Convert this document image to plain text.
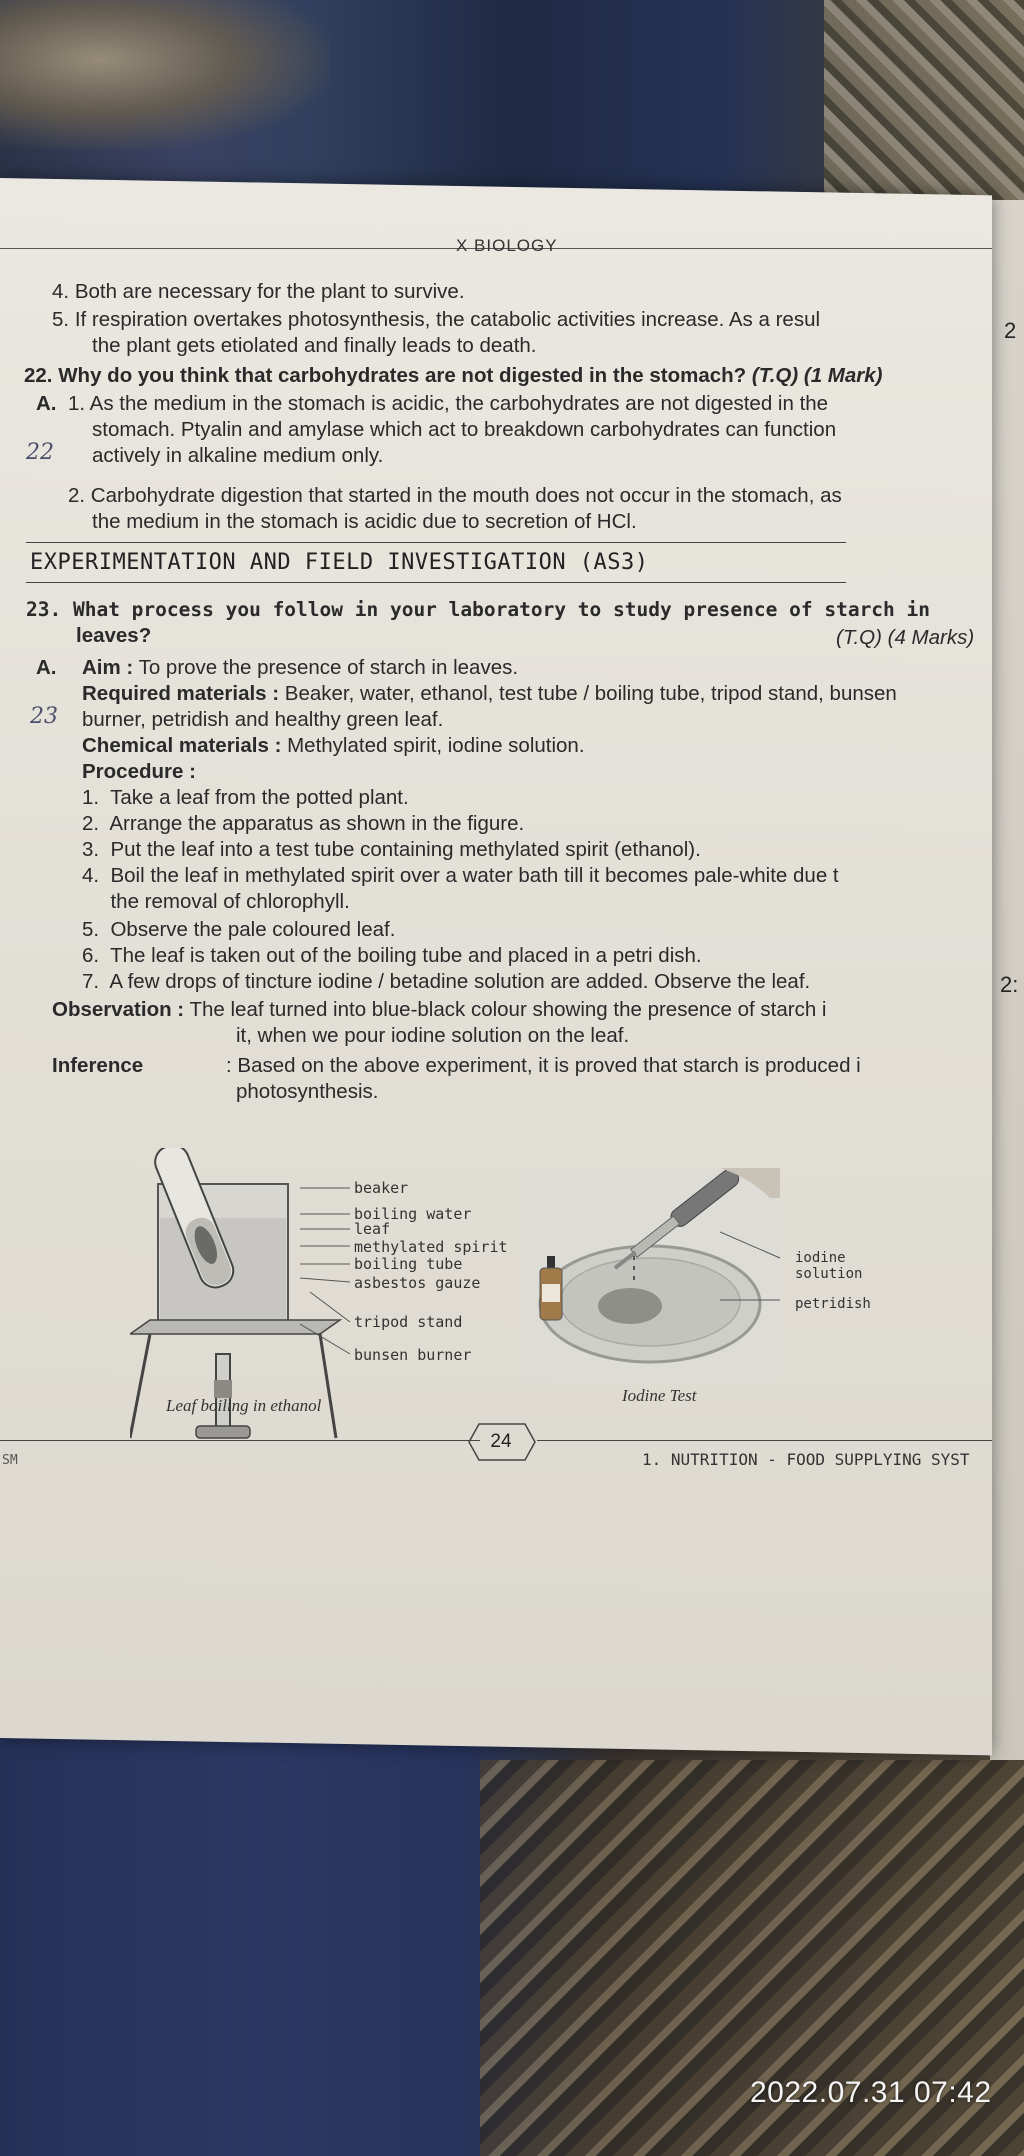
X BIOLOGY
4. Both are necessary for the plant to survive.
5. If respiration overtakes photosynthesis, the catabolic activities increase. As a resul
the plant gets etiolated and finally leads to death.
22. Why do you think that carbohydrates are not digested in the stomach? (T.Q) (1 Mark)
A. 1. As the medium in the stomach is acidic, the carbohydrates are not digested in the
stomach. Ptyalin and amylase which act to breakdown carbohydrates can function
actively in alkaline medium only.
22
2. Carbohydrate digestion that started in the mouth does not occur in the stomach, as
the medium in the stomach is acidic due to secretion of HCl.
EXPERIMENTATION AND FIELD INVESTIGATION (AS3)
23. What process you follow in your laboratory to study presence of starch in
leaves?	(T.Q) (4 Marks)
A. Aim : To prove the presence of starch in leaves.
Required materials : Beaker, water, ethanol, test tube / boiling tube, tripod stand, bunsen
23 burner, petridish and healthy green leaf.
Chemical materials : Methylated spirit, iodine solution.
Procedure :
1.  Take a leaf from the potted plant.
2.  Arrange the apparatus as shown in the figure.
3.  Put the leaf into a test tube containing methylated spirit (ethanol).
4.  Boil the leaf in methylated spirit over a water bath till it becomes pale-white due t
the removal of chlorophyll.
5.  Observe the pale coloured leaf.
6.  The leaf is taken out of the boiling tube and placed in a petri dish.
7.  A few drops of tincture iodine / betadine solution are added. Observe the leaf.
Observation : The leaf turned into blue-black colour showing the presence of starch i
it, when we pour iodine solution on the leaf.
Inference	: Based on the above experiment, it is proved that starch is produced i
photosynthesis.
beaker
boiling water
leaf
methylated spirit
boiling tube
asbestos gauze
tripod stand
bunsen burner
Leaf boiling in ethanol
iodine
solution
petridish
Iodine Test
24
1. NUTRITION - FOOD SUPPLYING SYST
SM
2
2:
2022.07.31 07:42
